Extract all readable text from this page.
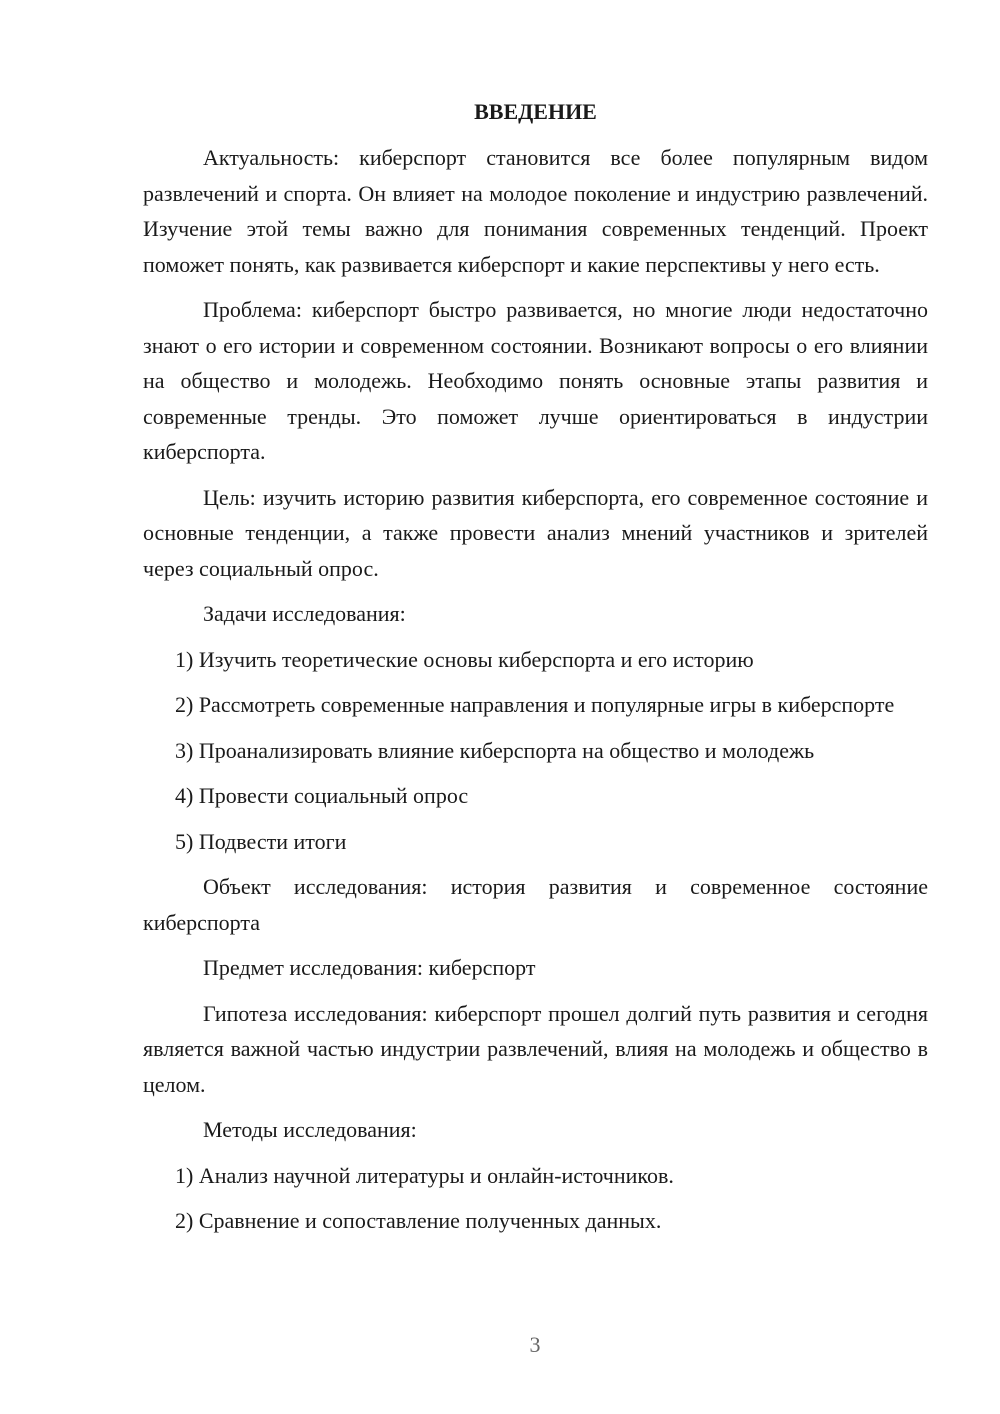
ВВЕДЕНИЕ

Актуальность: киберспорт становится все более популярным видом развлечений и спорта. Он влияет на молодое поколение и индустрию развлечений. Изучение этой темы важно для понимания современных тенденций. Проект поможет понять, как развивается киберспорт и какие перспективы у него есть.

Проблема: киберспорт быстро развивается, но многие люди недостаточно знают о его истории и современном состоянии. Возникают вопросы о его влиянии на общество и молодежь. Необходимо понять основные этапы развития и современные тренды. Это поможет лучше ориентироваться в индустрии киберспорта.

Цель: изучить историю развития киберспорта, его современное состояние и основные тенденции, а также провести анализ мнений участников и зрителей через социальный опрос.

Задачи исследования:

1) Изучить теоретические основы киберспорта и его историю

2) Рассмотреть современные направления и популярные игры в киберспорте

3) Проанализировать влияние киберспорта на общество и молодежь

4) Провести социальный опрос

5) Подвести итоги

Объект исследования: история развития и современное состояние киберспорта

Предмет исследования: киберспорт

Гипотеза исследования: киберспорт прошел долгий путь развития и сегодня является важной частью индустрии развлечений, влияя на молодежь и общество в целом.

Методы исследования:

1) Анализ научной литературы и онлайн-источников.

2) Сравнение и сопоставление полученных данных.

3
